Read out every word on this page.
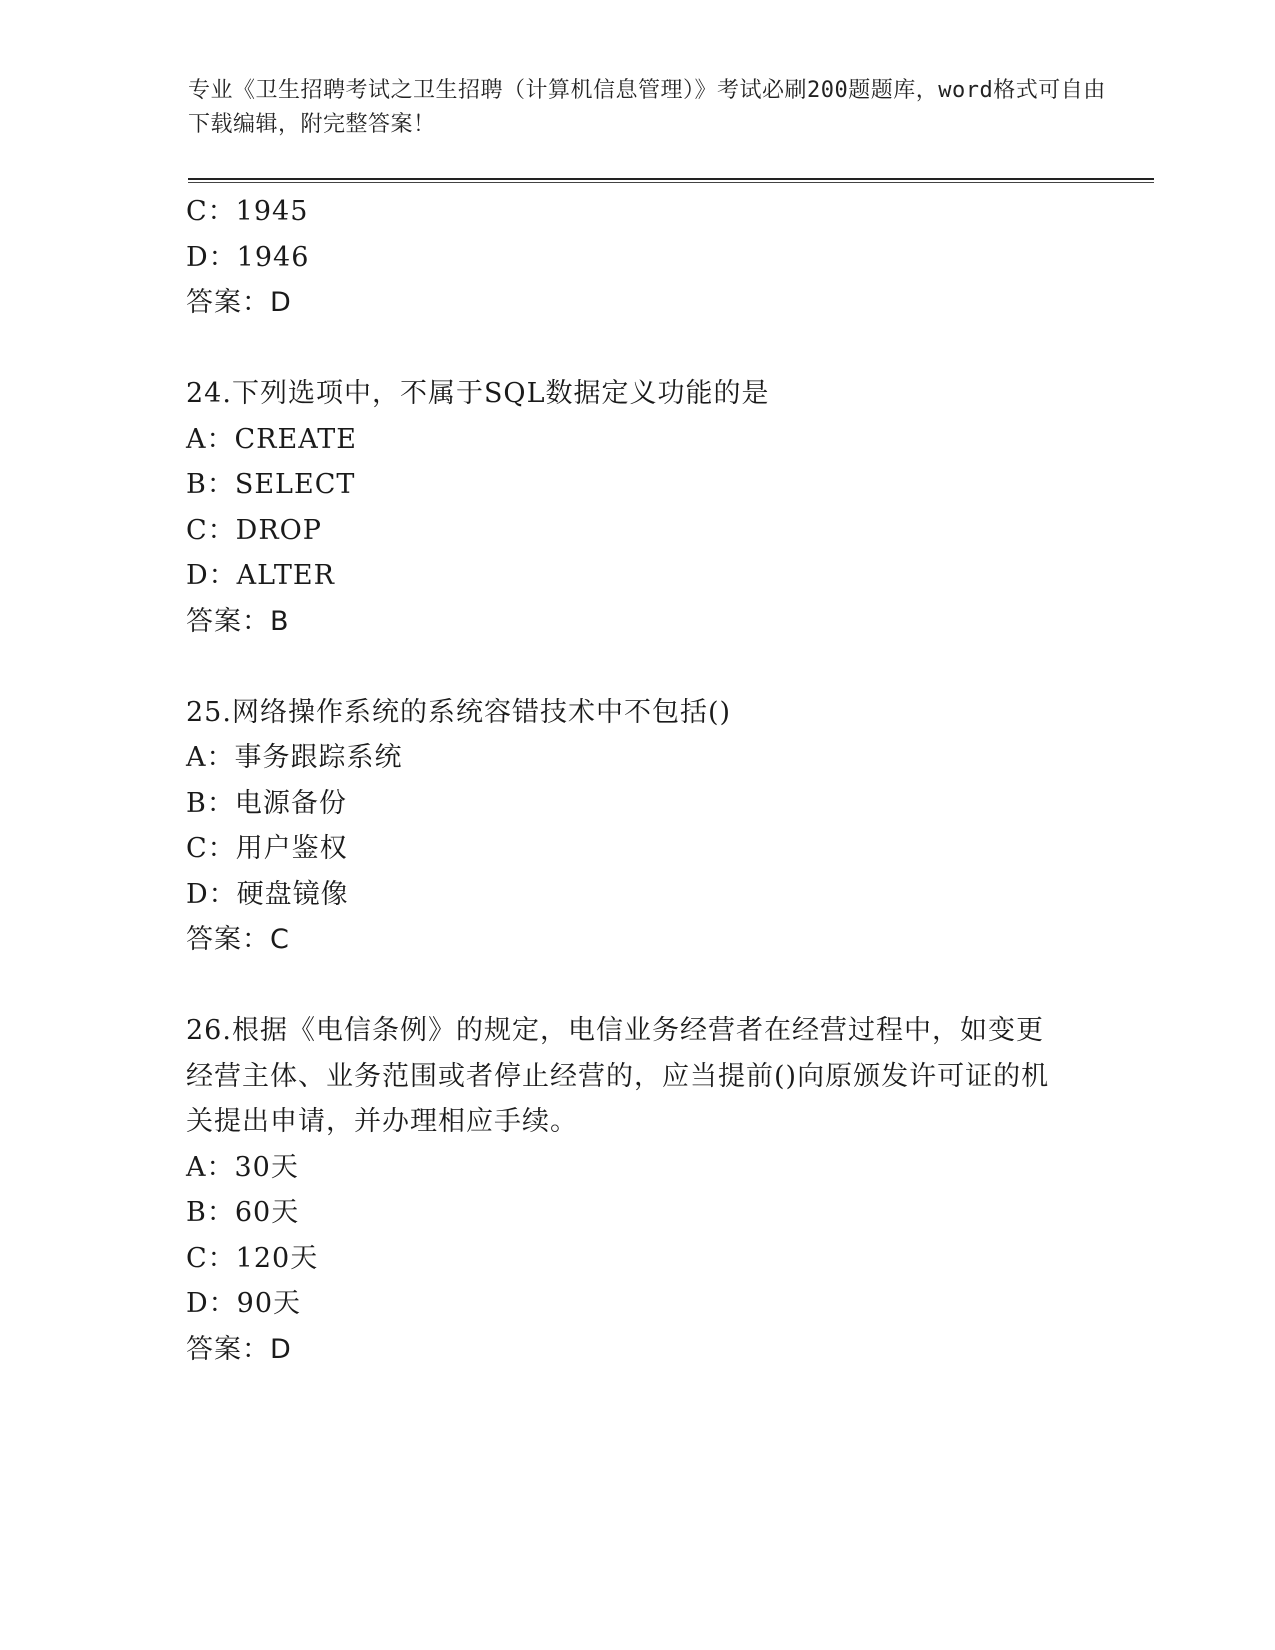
专业《卫生招聘考试之卫生招聘（计算机信息管理）》考试必刷200题题库，word格式可自由下载编辑，附完整答案！
C：1945
D：1946
答案：D
24.下列选项中，不属于SQL数据定义功能的是
A：CREATE
B：SELECT
C：DROP
D：ALTER
答案：B
25.网络操作系统的系统容错技术中不包括()
A：事务跟踪系统
B：电源备份
C：用户鉴权
D：硬盘镜像
答案：C
26.根据《电信条例》的规定，电信业务经营者在经营过程中，如变更经营主体、业务范围或者停止经营的，应当提前()向原颁发许可证的机关提出申请，并办理相应手续。
A：30天
B：60天
C：120天
D：90天
答案：D
